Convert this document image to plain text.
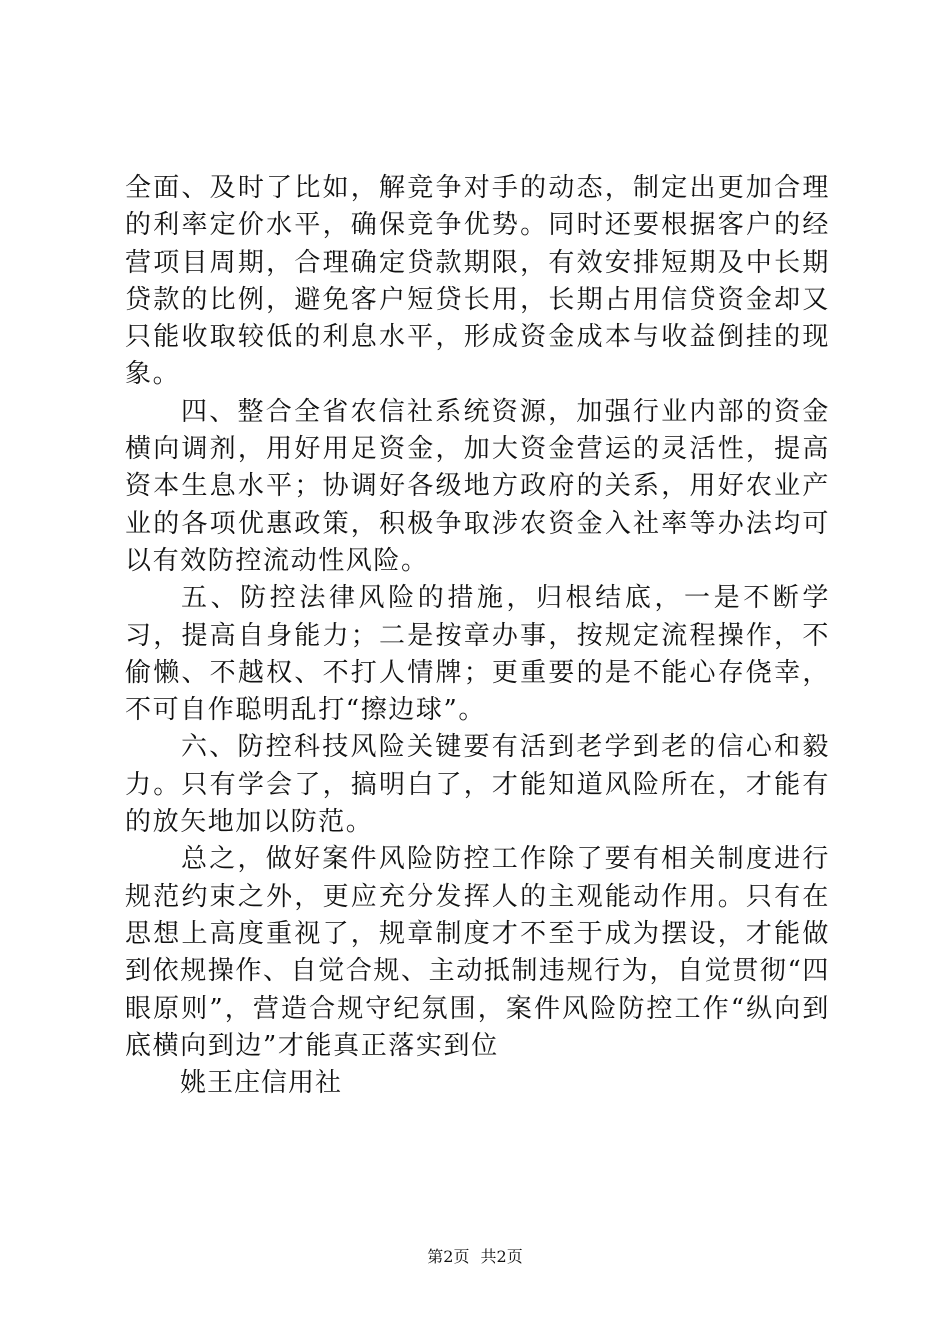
全面、及时了比如，解竞争对手的动态，制定出更加合理的利率定价水平，确保竞争优势。同时还要根据客户的经营项目周期，合理确定贷款期限，有效安排短期及中长期贷款的比例，避免客户短贷长用，长期占用信贷资金却又只能收取较低的利息水平，形成资金成本与收益倒挂的现象。

四、整合全省农信社系统资源，加强行业内部的资金横向调剂，用好用足资金，加大资金营运的灵活性，提高资本生息水平；协调好各级地方政府的关系，用好农业产业的各项优惠政策，积极争取涉农资金入社率等办法均可以有效防控流动性风险。

五、防控法律风险的措施，归根结底，一是不断学习，提高自身能力；二是按章办事，按规定流程操作，不偷懒、不越权、不打人情牌；更重要的是不能心存侥幸，不可自作聪明乱打“擦边球”。

六、防控科技风险关键要有活到老学到老的信心和毅力。只有学会了，搞明白了，才能知道风险所在，才能有的放矢地加以防范。

总之，做好案件风险防控工作除了要有相关制度进行规范约束之外，更应充分发挥人的主观能动作用。只有在思想上高度重视了，规章制度才不至于成为摆设，才能做到依规操作、自觉合规、主动抵制违规行为，自觉贯彻“四眼原则”，营造合规守纪氛围，案件风险防控工作“纵向到底横向到边”才能真正落实到位

姚王庄信用社

第2页 共2页
